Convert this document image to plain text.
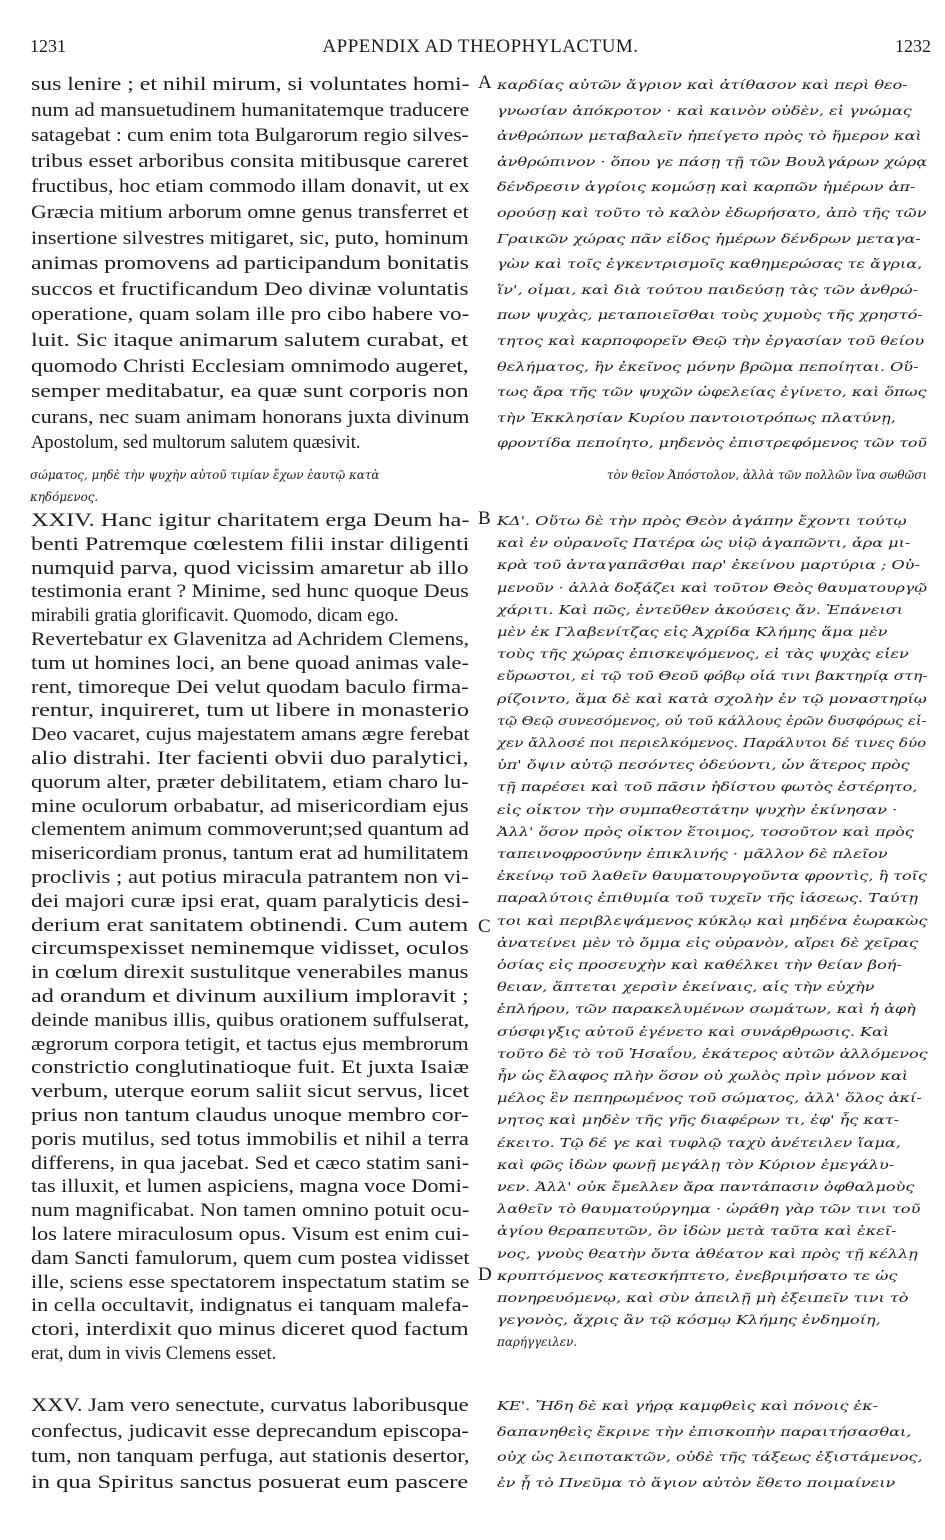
1231	APPENDIX AD THEOPHYLACTUM.	1232
sus lenire ; et nihil mirum, si voluntates homi-
num ad mansuetudinem humanitatemque traducere
satagebat : cum enim tota Bulgarorum regio silves-
tribus esset arboribus consita mitibusque careret
fructibus, hoc etiam commodo illam donavit, ut ex
Græcia mitium arborum omne genus transferret et
insertione silvestres mitigaret, sic, puto, hominum
animas promovens ad participandum bonitatis
succos et fructificandum Deo divinæ voluntatis
operatione, quam solam ille pro cibo habere vo-
luit. Sic itaque animarum salutem curabat, et
quomodo Christi Ecclesiam omnimodo augeret,
semper meditabatur, ea quæ sunt corporis non
curans, nec suam animam honorans juxta divinum
Apostolum, sed multorum salutem quæsivit.
καρδίας αὐτῶν ἄγριον καὶ ἀτίθασον καὶ περὶ θεο-
γνωσίαν ἀπόκροτον · καὶ καινὸν οὐδὲν, εἰ γνώμας
ἀνθρώπων μεταβαλεῖν ἠπείγετο πρὸς τὸ ἥμερον καὶ
ἀνθρώπινον · ὅπου γε πάσῃ τῇ τῶν Βουλγάρων χώρᾳ
δένδρεσιν ἀγρίοις κομώσῃ καὶ καρπῶν ἡμέρων ἀπ-
ορούσῃ καὶ τοῦτο τὸ καλὸν ἐδωρήσατο, ἀπὸ τῆς τῶν
Γραικῶν χώρας πᾶν εἶδος ἡμέρων δένδρων μεταγα-
γὼν καὶ τοῖς ἐγκεντρισμοῖς καθημερώσας τε ἄγρια,
ἵν', οἶμαι, καὶ διὰ τούτου παιδεύσῃ τὰς τῶν ἀνθρώ-
πων ψυχὰς, μεταποιεῖσθαι τοὺς χυμοὺς τῆς χρηστό-
τητος καὶ καρποφορεῖν Θεῷ τὴν ἐργασίαν τοῦ θείου
θελήματος, ἣν ἐκεῖνος μόνην βρῶμα πεποίηται. Οὕ-
τως ἄρα τῆς τῶν ψυχῶν ὠφελείας ἐγίνετο, καὶ ὅπως
τὴν Ἐκκλησίαν Κυρίου παντοιοτρόπως πλατύνῃ,
φροντίδα πεποίητο, μηδενὸς ἐπιστρεφόμενος τῶν τοῦ
σώματος, μηδὲ τὴν ψυχὴν αὐτοῦ τιμίαν ἔχων ἑαυτῷ κατὰ	τὸν θεῖον Ἀπόστολον, ἀλλὰ τῶν πολλῶν ἵνα σωθῶσι
κηδόμενος.
XXIV. Hanc igitur charitatem erga Deum ha-
benti Patremque cœlestem filii instar diligenti
numquid parva, quod vicissim amaretur ab illo
testimonia erant ? Minime, sed hunc quoque Deus
mirabili gratia glorificavit. Quomodo, dicam ego.
Revertebatur ex Glavenitza ad Achridem Clemens,
tum ut homines loci, an bene quoad animas vale-
rent, timoreque Dei velut quodam baculo firma-
rentur, inquireret, tum ut libere in monasterio
Deo vacaret, cujus majestatem amans ægre ferebat
alio distrahi. Iter facienti obvii duo paralytici,
quorum alter, præter debilitatem, etiam charo lu-
mine oculorum orbabatur, ad misericordiam ejus
clementem animum commoverunt;sed quantum ad
misericordiam pronus, tantum erat ad humilitatem
proclivis ; aut potius miracula patrantem non vi-
dei majori curæ ipsi erat, quam paralyticis desi-
derium erat sanitatem obtinendi. Cum autem
circumspexisset neminemque vidisset, oculos
in cœlum direxit sustulitque venerabiles manus
ad orandum et divinum auxilium imploravit ;
deinde manibus illis, quibus orationem suffulserat,
ægrorum corpora tetigit, et tactus ejus membrorum
constrictio conglutinatioque fuit. Et juxta Isaiæ
verbum, uterque eorum saliit sicut servus, licet
prius non tantum claudus unoque membro cor-
poris mutilus, sed totus immobilis et nihil a terra
differens, in qua jacebat. Sed et cæco statim sani-
tas illuxit, et lumen aspiciens, magna voce Domi-
num magnificabat. Non tamen omnino potuit ocu-
los latere miraculosum opus. Visum est enim cui-
dam Sancti famulorum, quem cum postea vidisset
ille, sciens esse spectatorem inspectatum statim se
in cella occultavit, indignatus ei tanquam malefa-
ctori, interdixit quo minus diceret quod factum
erat, dum in vivis Clemens esset.
ΚΔ'. Οὕτω δὲ τὴν πρὸς Θεὸν ἀγάπην ἔχοντι τούτῳ
καὶ ἐν οὐρανοῖς Πατέρα ὡς υἱῷ ἀγαπῶντι, ἆρα μι-
κρὰ τοῦ ἀνταγαπᾶσθαι παρ' ἐκείνου μαρτύρια ; Οὐ-
μενοῦν · ἀλλὰ δοξάζει καὶ τοῦτον Θεὸς θαυματουργῷ
χάριτι. Καὶ πῶς, ἐντεῦθεν ἀκούσεις ἄν. Ἐπάνεισι
μὲν ἐκ Γλαβενίτζας εἰς Ἀχρίδα Κλήμης ἅμα μὲν
τοὺς τῆς χώρας ἐπισκεψόμενος, εἰ τὰς ψυχὰς εἶεν
εὔρωστοι, εἰ τῷ τοῦ Θεοῦ φόβῳ οἷά τινι βακτηρίᾳ στη-
ρίζοιντο, ἅμα δὲ καὶ κατὰ σχολὴν ἐν τῷ μοναστηρίῳ
τῷ Θεῷ συνεσόμενος, οὗ τοῦ κάλλους ἐρῶν δυσφόρως εἶ-
χεν ἄλλοσέ ποι περιελκόμενος. Παράλυτοι δέ τινες δύο
ὑπ' ὄψιν αὐτῷ πεσόντες ὁδεύοντι, ὧν ἅτερος πρὸς
τῇ παρέσει καὶ τοῦ πᾶσιν ἡδίστου φωτὸς ἐστέρητο,
εἰς οἶκτον τὴν συμπαθεστάτην ψυχὴν ἐκίνησαν ·
Ἀλλ' ὅσον πρὸς οἶκτον ἕτοιμος, τοσοῦτον καὶ πρὸς
ταπεινοφροσύνην ἐπικλινής · μᾶλλον δὲ πλεῖον
ἐκείνῳ τοῦ λαθεῖν θαυματουργοῦντα φροντὶς, ἢ τοῖς
παραλύτοις ἐπιθυμία τοῦ τυχεῖν τῆς ἰάσεως. Ταύτῃ
τοι καὶ περιβλεψάμενος κύκλῳ καὶ μηδένα ἑωρακὼς
ἀνατείνει μὲν τὸ ὄμμα εἰς οὐρανὸν, αἴρει δὲ χεῖρας
ὁσίας εἰς προσευχὴν καὶ καθέλκει τὴν θείαν βοή-
θειαν, ἅπτεται χερσὶν ἐκείναις, αἷς τὴν εὐχὴν
ἐπλήρου, τῶν παρακελυμένων σωμάτων, καὶ ἡ ἀφὴ
σύσφιγξις αὐτοῦ ἐγένετο καὶ συνάρθρωσις. Καὶ
τοῦτο δὲ τὸ τοῦ Ἡσαΐου, ἑκάτερος αὐτῶν ἀλλόμενος
ἦν ὡς ἔλαφος πλὴν ὅσον οὐ χωλὸς πρὶν μόνον καὶ
μέλος ἓν πεπηρωμένος τοῦ σώματος, ἀλλ' ὅλος ἀκί-
νητος καὶ μηδὲν τῆς γῆς διαφέρων τι, ἐφ' ἧς κατ-
έκειτο. Τῷ δέ γε καὶ τυφλῷ ταχὺ ἀνέτειλεν ἴαμα,
καὶ φῶς ἰδὼν φωνῇ μεγάλῃ τὸν Κύριον ἐμεγάλυ-
νεν. Ἀλλ' οὐκ ἔμελλεν ἄρα παντάπασιν ὀφθαλμοὺς
λαθεῖν τὸ θαυματούργημα · ὠράθη γὰρ τῶν τινι τοῦ
ἁγίου θεραπευτῶν, ὃν ἰδὼν μετὰ ταῦτα καὶ ἐκεῖ-
νος, γνοὺς θεατὴν ὄντα ἀθέατον καὶ πρὸς τῇ κέλλῃ
κρυπτόμενος κατεσκήπτετο, ἐνεβριμήσατο τε ὡς
πονηρευόμενῳ, καὶ σὺν ἀπειλῇ μὴ ἐξειπεῖν τινι τὸ
γεγονὸς, ἄχρις ἂν τῷ κόσμῳ Κλήμης ἐνδημοίη,
παρήγγειλεν.
XXV. Jam vero senectute, curvatus laboribusque
confectus, judicavit esse deprecandum episcopa-
tum, non tanquam perfuga, aut stationis desertor,
in qua Spiritus sanctus posuerat eum pascere
ΚΕ'. Ἤδη δὲ καὶ γήρᾳ καμφθεὶς καὶ πόνοις ἐκ-
δαπανηθεὶς ἔκρινε τὴν ἐπισκοπὴν παραιτήσασθαι,
οὐχ ὡς λειποτακτῶν, οὐδὲ τῆς τάξεως ἐξιστάμενος,
ἐν ᾗ τὸ Πνεῦμα τὸ ἅγιον αὐτὸν ἔθετο ποιμαίνειν
A
B
C
D
